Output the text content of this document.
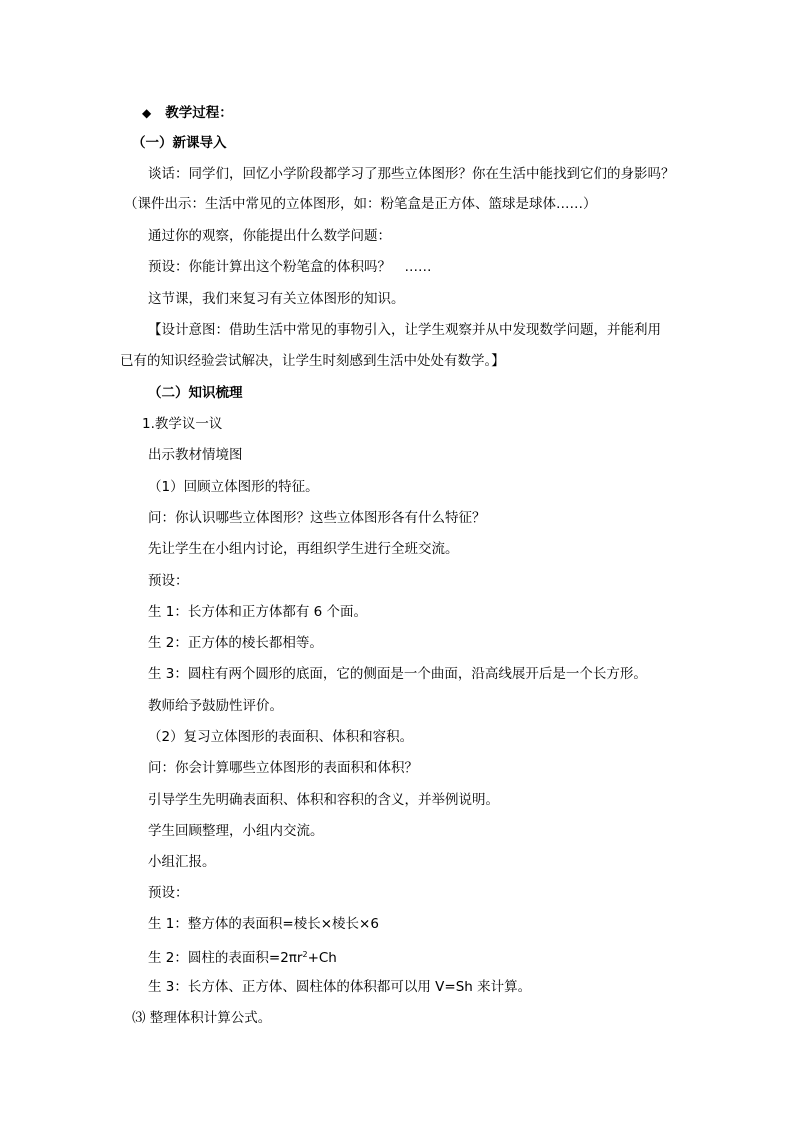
◆ 教学过程：
（一）新课导入
谈话：同学们，回忆小学阶段都学习了那些立体图形？你在生活中能找到它们的身影吗？
（课件出示：生活中常见的立体图形，如：粉笔盒是正方体、篮球是球体……）
通过你的观察，你能提出什么数学问题：
预设：你能计算出这个粉笔盒的体积吗？　……
这节课，我们来复习有关立体图形的知识。
【设计意图：借助生活中常见的事物引入，让学生观察并从中发现数学问题，并能利用
已有的知识经验尝试解决，让学生时刻感到生活中处处有数学。】
（二）知识梳理
1.教学议一议
出示教材情境图
（1）回顾立体图形的特征。
问：你认识哪些立体图形？这些立体图形各有什么特征？
先让学生在小组内讨论，再组织学生进行全班交流。
预设：
生 1：长方体和正方体都有 6 个面。
生 2：正方体的棱长都相等。
生 3：圆柱有两个圆形的底面，它的侧面是一个曲面，沿高线展开后是一个长方形。
教师给予鼓励性评价。
（2）复习立体图形的表面积、体积和容积。
问：你会计算哪些立体图形的表面积和体积？
引导学生先明确表面积、体积和容积的含义，并举例说明。
学生回顾整理，小组内交流。
小组汇报。
预设：
生 1：整方体的表面积=棱长×棱长×6
生 2：圆柱的表面积$=2\pi r^2+Ch$
生 3：长方体、正方体、圆柱体的体积都可以用 V=Sh 来计算。
⑶ 整理体积计算公式。
